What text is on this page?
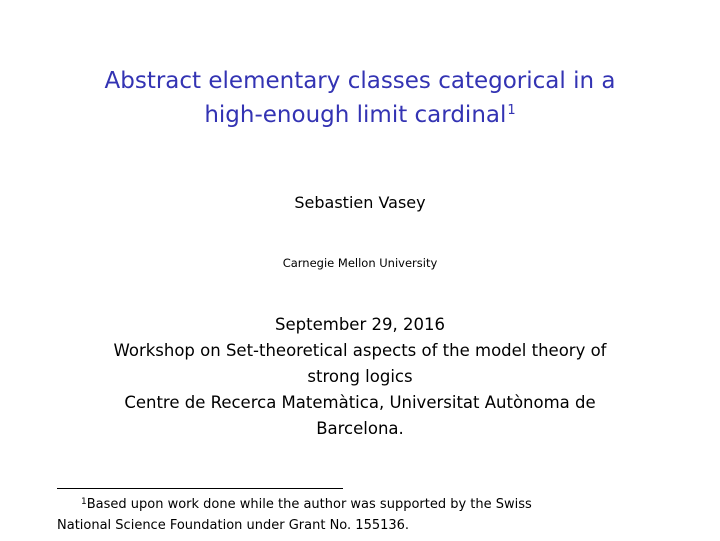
Abstract elementary classes categorical in a
high-enough limit cardinal$^1$
Sebastien Vasey
Carnegie Mellon University
September 29, 2016
Workshop on Set-theoretical aspects of the model theory of
strong logics
Centre de Recerca Matemàtica, Universitat Autònoma de
Barcelona.
$^1$Based upon work done while the author was supported by the Swiss
National Science Foundation under Grant No. 155136.
